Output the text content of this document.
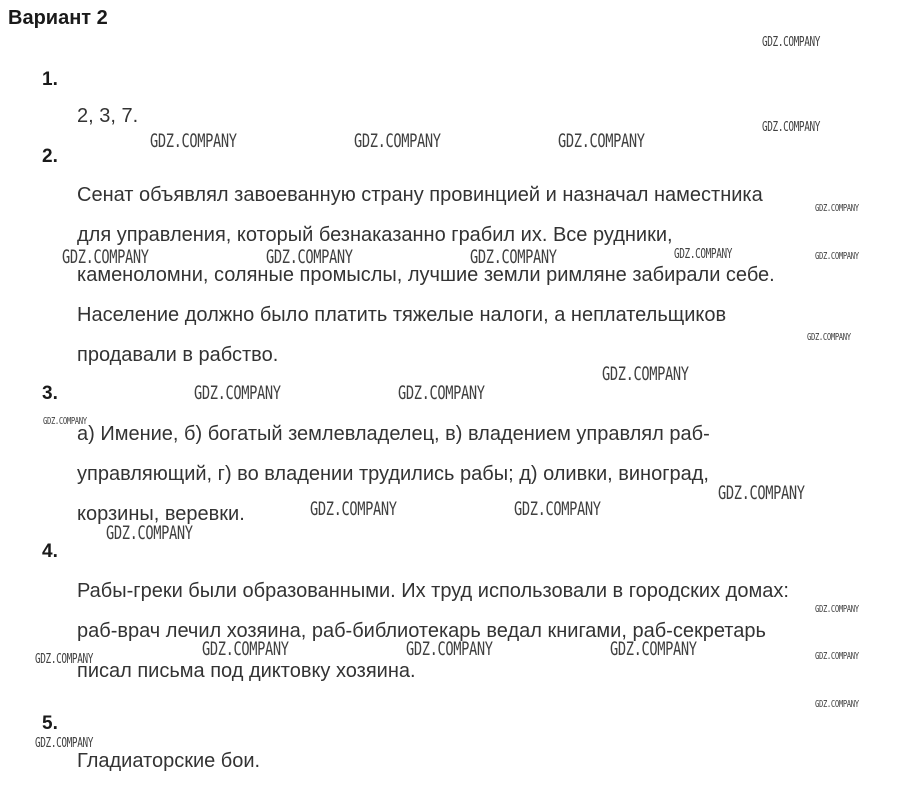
Вариант 2
1.
2, 3, 7.
2.
Сенат объявлял завоеванную страну провинцией и назначал наместника
для управления, который безнаказанно грабил их. Все рудники,
каменоломни, соляные промыслы, лучшие земли римляне забирали себе.
Население должно было платить тяжелые налоги, а неплательщиков
продавали в рабство.
3.
а) Имение, б) богатый землевладелец, в) владением управлял раб-
управляющий, г) во владении трудились рабы; д) оливки, виноград,
корзины, веревки.
4.
Рабы-греки были образованными. Их труд использовали в городских домах:
раб-врач лечил хозяина, раб-библиотекарь ведал книгами, раб-секретарь
писал письма под диктовку хозяина.
5.
Гладиаторские бои.
GDZ.COMPANY
GDZ.COMPANY
GDZ.COMPANY	GDZ.COMPANY	GDZ.COMPANY
GDZ.COMPANY
GDZ.COMPANY	GDZ.COMPANY	GDZ.COMPANY	GDZ.COMPANY	GDZ.COMPANY
GDZ.COMPANY
GDZ.COMPANY
GDZ.COMPANY	GDZ.COMPANY
GDZ.COMPANY
GDZ.COMPANY
GDZ.COMPANY	GDZ.COMPANY
GDZ.COMPANY
GDZ.COMPANY
GDZ.COMPANY	GDZ.COMPANY	GDZ.COMPANY
GDZ.COMPANY	GDZ.COMPANY
GDZ.COMPANY
GDZ.COMPANY
